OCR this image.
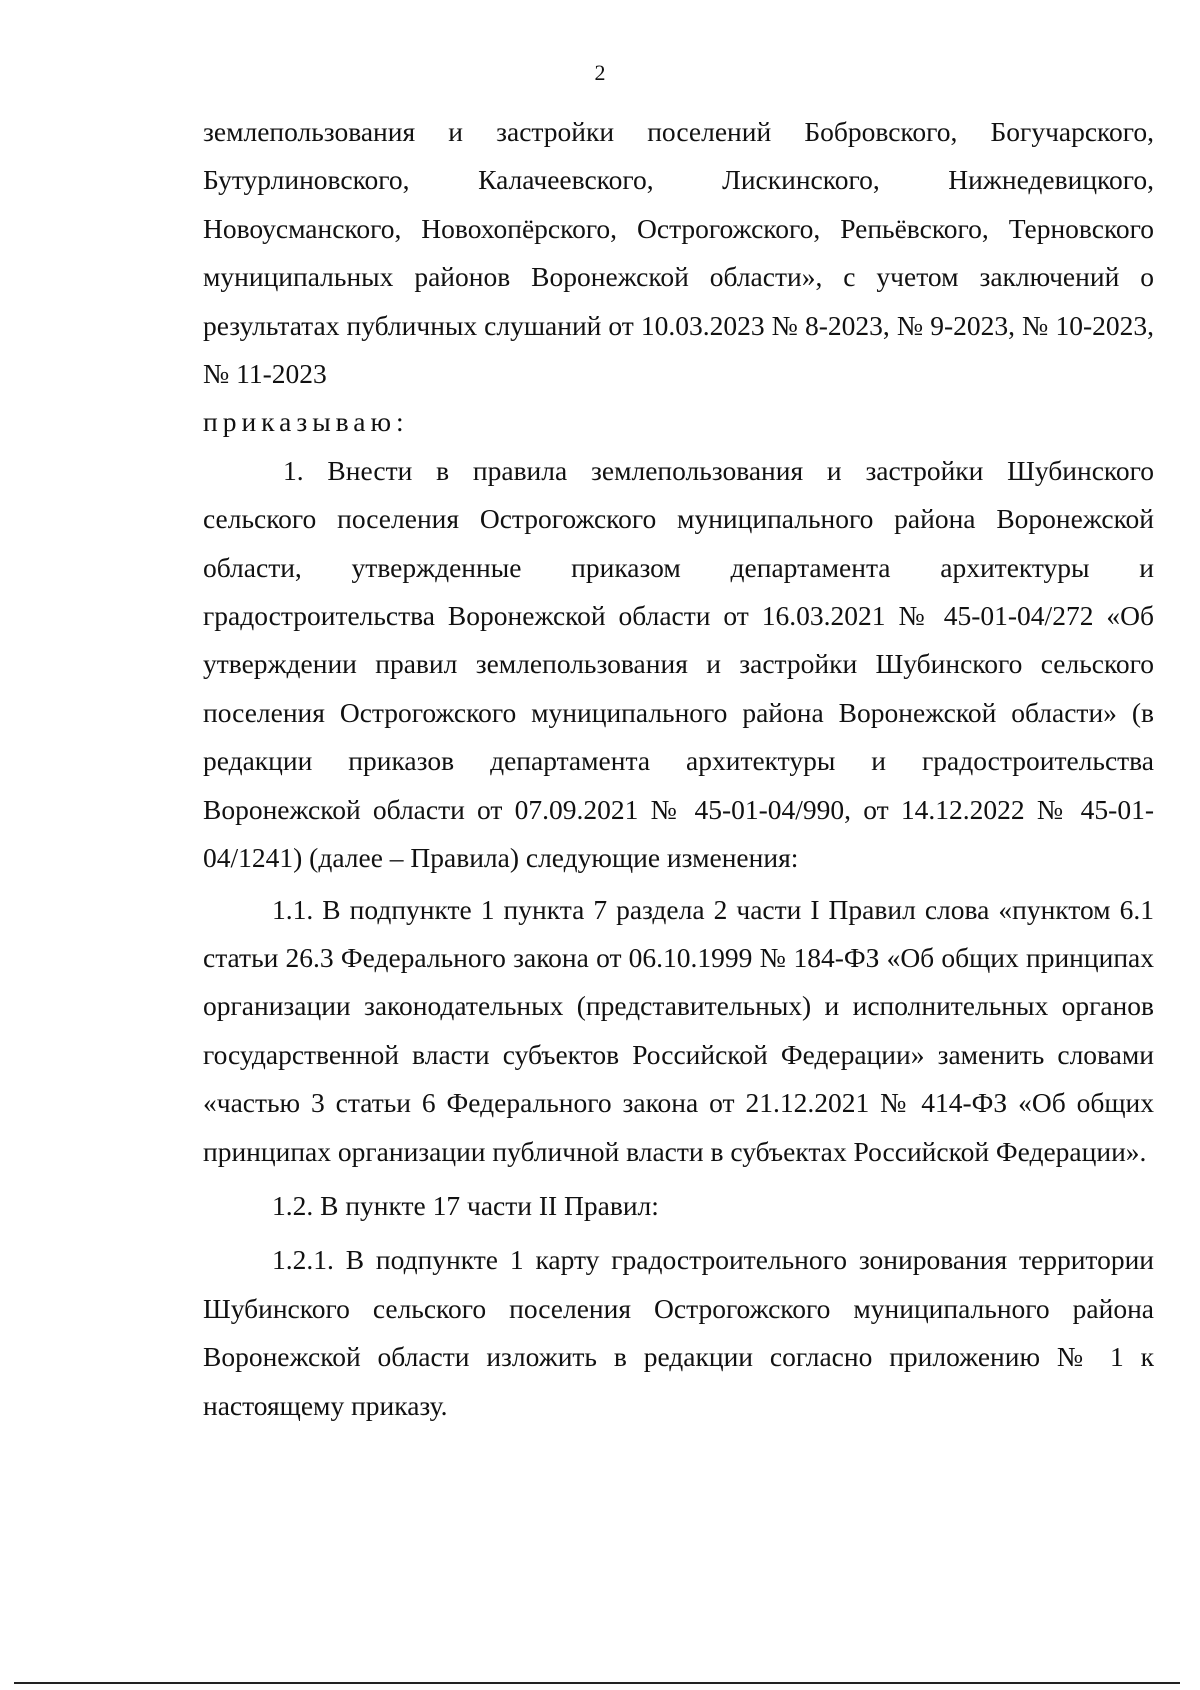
2

землепользования и застройки поселений Бобровского, Богучарского, Бутурлиновского, Калачеевского, Лискинского, Нижнедевицкого, Новоусманского, Новохопёрского, Острогожского, Репьёвского, Терновского муниципальных районов Воронежской области», с учетом заключений о результатах публичных слушаний от 10.03.2023 № 8-2023, № 9-2023, № 10-2023, № 11-2023

приказываю:

1. Внести в правила землепользования и застройки Шубинского сельского поселения Острогожского муниципального района Воронежской области, утвержденные приказом департамента архитектуры и градостроительства Воронежской области от 16.03.2021 № 45-01-04/272 «Об утверждении правил землепользования и застройки Шубинского сельского поселения Острогожского муниципального района Воронежской области» (в редакции приказов департамента архитектуры и градостроительства Воронежской области от 07.09.2021 № 45-01-04/990, от 14.12.2022 № 45-01-04/1241) (далее – Правила) следующие изменения:

1.1. В подпункте 1 пункта 7 раздела 2 части I Правил слова «пунктом 6.1 статьи 26.3 Федерального закона от 06.10.1999 № 184-ФЗ «Об общих принципах организации законодательных (представительных) и исполнительных органов государственной власти субъектов Российской Федерации» заменить словами «частью 3 статьи 6 Федерального закона от 21.12.2021 № 414-ФЗ «Об общих принципах организации публичной власти в субъектах Российской Федерации».

1.2. В пункте 17 части II Правил:

1.2.1. В подпункте 1 карту градостроительного зонирования территории Шубинского сельского поселения Острогожского муниципального района Воронежской области изложить в редакции согласно приложению № 1 к настоящему приказу.
